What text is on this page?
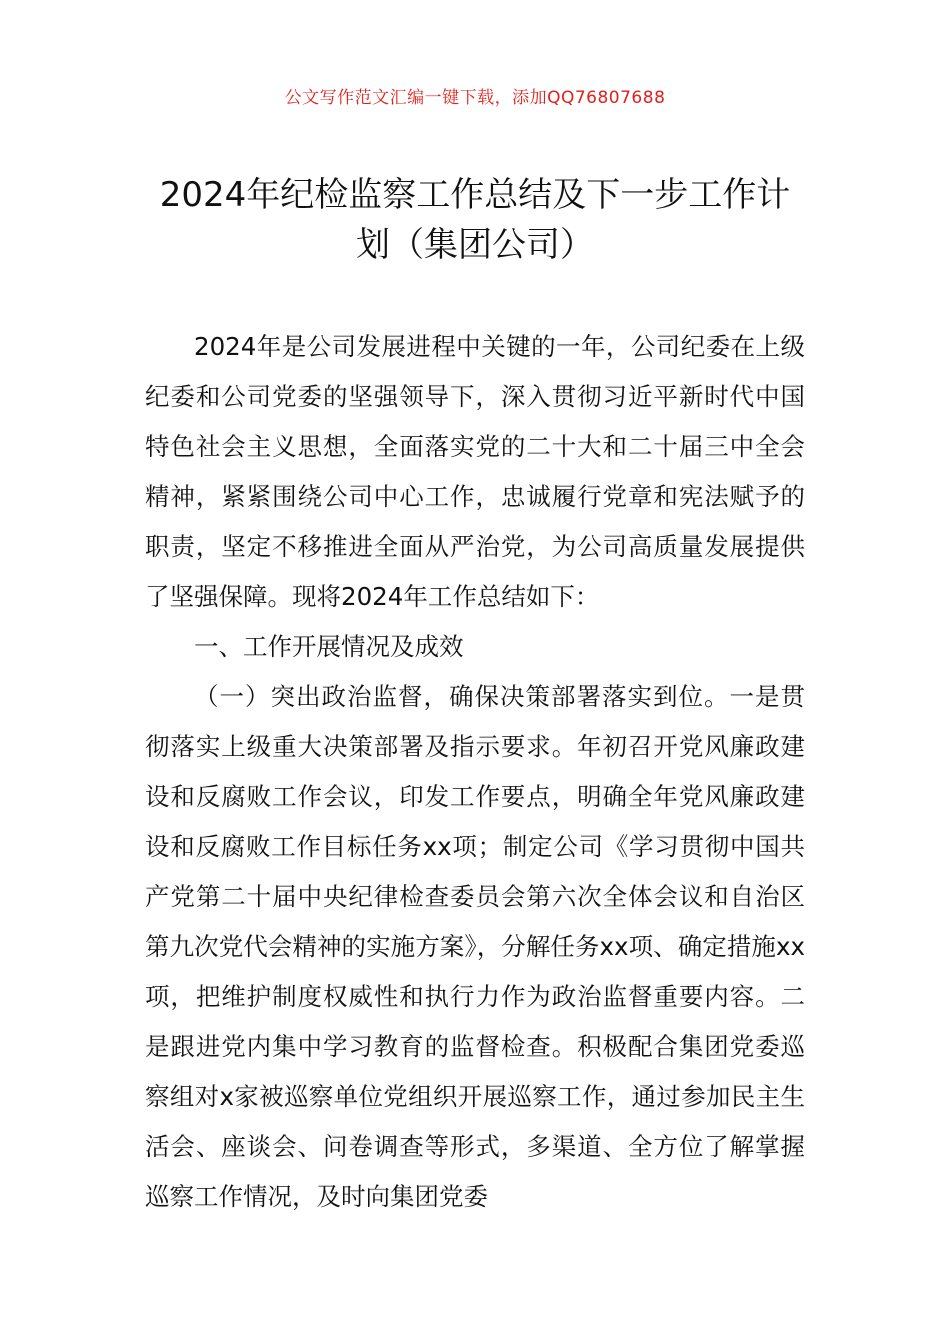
公文写作范文汇编一键下载，添加QQ76807688
2024年纪检监察工作总结及下一步工作计
划（集团公司）

2024年是公司发展进程中关键的一年，公司纪委在上级纪委和公司党委的坚强领导下，深入贯彻习近平新时代中国特色社会主义思想，全面落实党的二十大和二十届三中全会精神，紧紧围绕公司中心工作，忠诚履行党章和宪法赋予的职责，坚定不移推进全面从严治党，为公司高质量发展提供了坚强保障。现将2024年工作总结如下：

一、工作开展情况及成效

（一）突出政治监督，确保决策部署落实到位。一是贯彻落实上级重大决策部署及指示要求。年初召开党风廉政建设和反腐败工作会议，印发工作要点，明确全年党风廉政建设和反腐败工作目标任务xx项；制定公司《学习贯彻中国共产党第二十届中央纪律检查委员会第六次全体会议和自治区第九次党代会精神的实施方案》，分解任务xx项、确定措施xx项，把维护制度权威性和执行力作为政治监督重要内容。二是跟进党内集中学习教育的监督检查。积极配合集团党委巡察组对x家被巡察单位党组织开展巡察工作，通过参加民主生活会、座谈会、问卷调查等形式，多渠道、全方位了解掌握巡察工作情况，及时向集团党委
